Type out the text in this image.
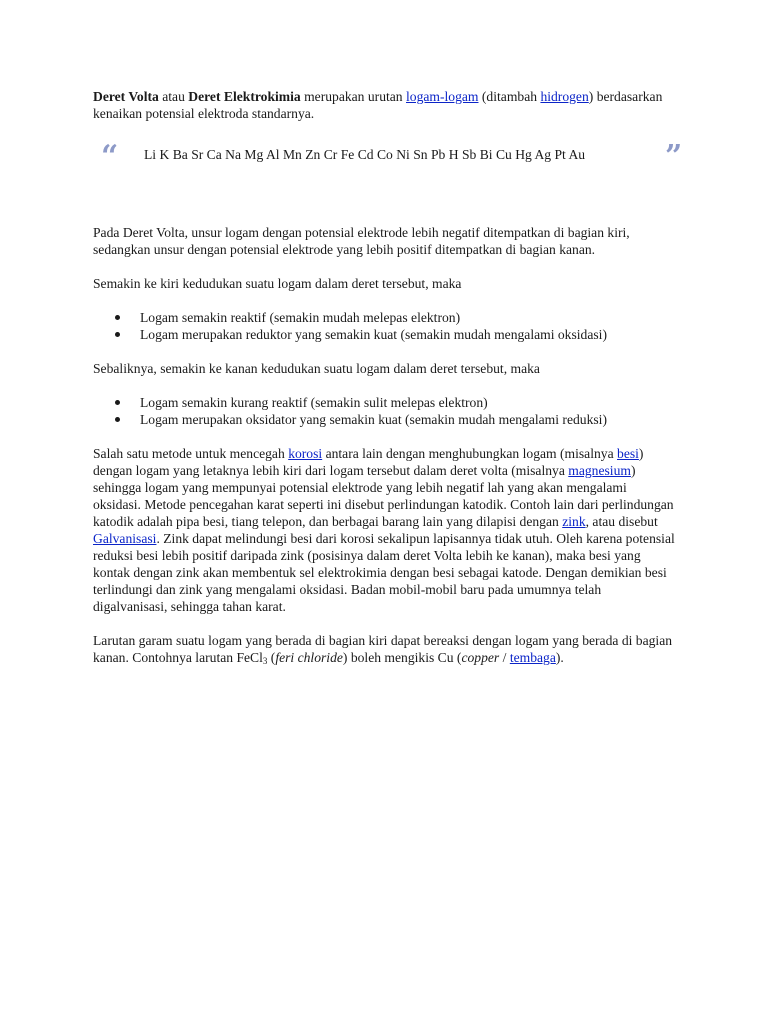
Deret Volta atau Deret Elektrokimia merupakan urutan logam-logam (ditambah hidrogen) berdasarkan kenaikan potensial elektroda standarnya.

“ Li K Ba Sr Ca Na Mg Al Mn Zn Cr Fe Cd Co Ni Sn Pb H Sb Bi Cu Hg Ag Pt Au	”

Pada Deret Volta, unsur logam dengan potensial elektrode lebih negatif ditempatkan di bagian kiri, sedangkan unsur dengan potensial elektrode yang lebih positif ditempatkan di bagian kanan.

Semakin ke kiri kedudukan suatu logam dalam deret tersebut, maka

Logam semakin reaktif (semakin mudah melepas elektron)
Logam merupakan reduktor yang semakin kuat (semakin mudah mengalami oksidasi)

Sebaliknya, semakin ke kanan kedudukan suatu logam dalam deret tersebut, maka

Logam semakin kurang reaktif (semakin sulit melepas elektron)
Logam merupakan oksidator yang semakin kuat (semakin mudah mengalami reduksi)

Salah satu metode untuk mencegah korosi antara lain dengan menghubungkan logam (misalnya besi) dengan logam yang letaknya lebih kiri dari logam tersebut dalam deret volta (misalnya magnesium) sehingga logam yang mempunyai potensial elektrode yang lebih negatif lah yang akan mengalami oksidasi. Metode pencegahan karat seperti ini disebut perlindungan katodik. Contoh lain dari perlindungan katodik adalah pipa besi, tiang telepon, dan berbagai barang lain yang dilapisi dengan zink, atau disebut Galvanisasi. Zink dapat melindungi besi dari korosi sekalipun lapisannya tidak utuh. Oleh karena potensial reduksi besi lebih positif daripada zink (posisinya dalam deret Volta lebih ke kanan), maka besi yang kontak dengan zink akan membentuk sel elektrokimia dengan besi sebagai katode. Dengan demikian besi terlindungi dan zink yang mengalami oksidasi. Badan mobil-mobil baru pada umumnya telah digalvanisasi, sehingga tahan karat.

Larutan garam suatu logam yang berada di bagian kiri dapat bereaksi dengan logam yang berada di bagian kanan. Contohnya larutan FeCl$_3$ (feri chloride) boleh mengikis Cu (copper / tembaga).
